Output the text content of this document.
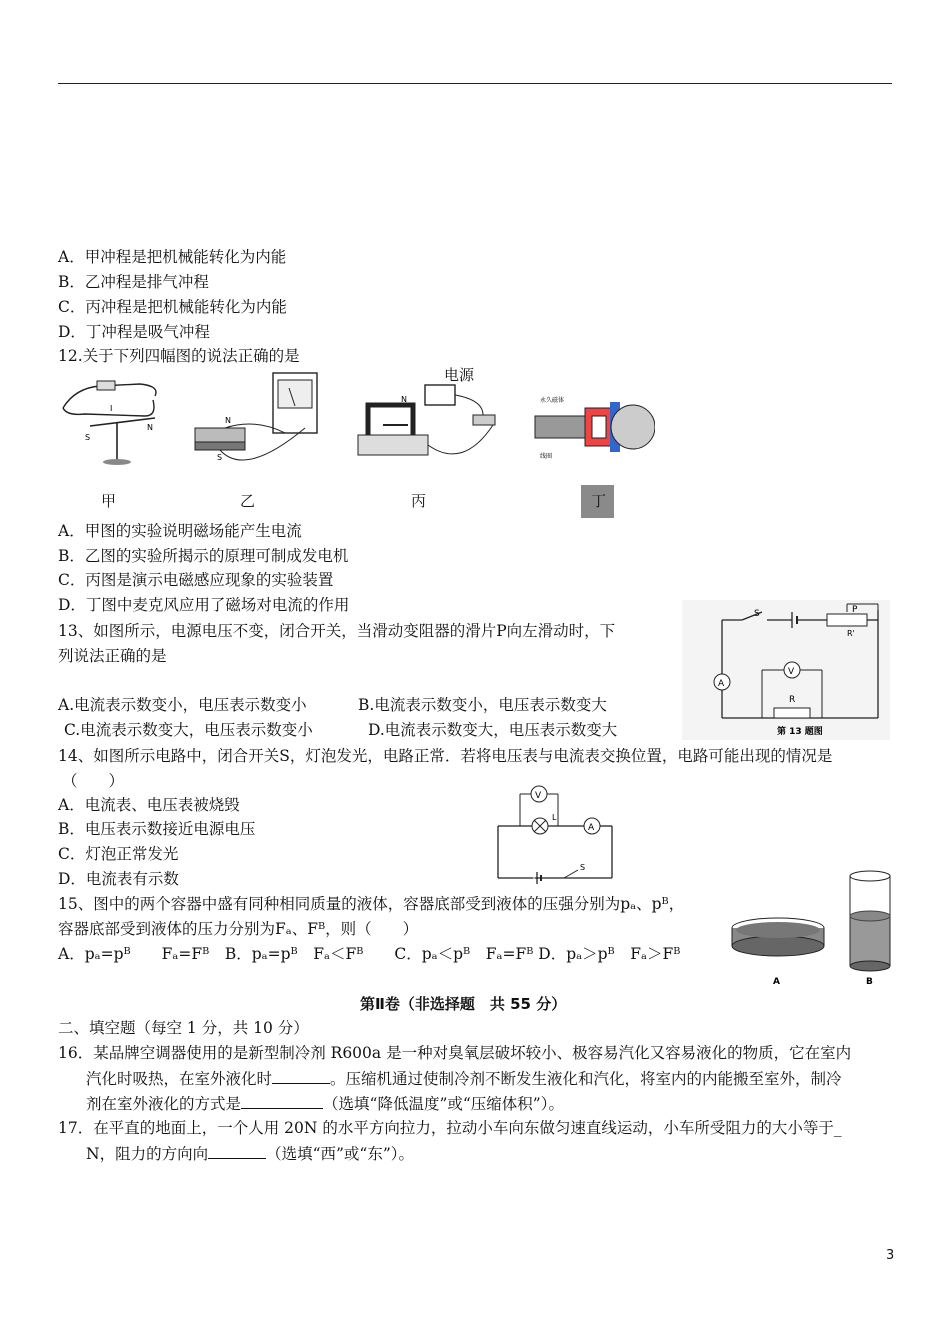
A．甲冲程是把机械能转化为内能
B．乙冲程是排气冲程
C．丙冲程是把机械能转化为内能
D．丁冲程是吸气冲程
12.关于下列四幅图的说法正确的是
S
N
I
N
S
电源
N	永久磁体
线圈
甲	乙	丙	丁
A．甲图的实验说明磁场能产生电流
B．乙图的实验所揭示的原理可制成发电机
C．丙图是演示电磁感应现象的实验装置
D．丁图中麦克风应用了磁场对电流的作用
13、如图所示，电源电压不变，闭合开关，当滑动变阻器的滑片P向左滑动时，下
列说法正确的是
A.电流表示数变小，电压表示数变小	B.电流表示数变小，电压表示数变大
C.电流表示数变大，电压表示数变小	D.电流表示数变大，电压表示数变大
A
V
S	P
R'
R
第 13 题图
14、如图所示电路中，闭合开关S，灯泡发光，电路正常．若将电压表与电流表交换位置，电路可能出现的情况是
（　　）
A．电流表、电压表被烧毁
B．电压表示数接近电源电压
C．灯泡正常发光
D．电流表有示数
A
V
L
S
15、图中的两个容器中盛有同种相同质量的液体，容器底部受到液体的压强分别为pₐ、pᴮ，
容器底部受到液体的压力分别为Fₐ、Fᴮ，则（　　）
A．pₐ=pᴮ　　Fₐ=Fᴮ　B．pₐ=pᴮ　Fₐ＜Fᴮ　　C．pₐ＜pᴮ　Fₐ=Fᴮ D．pₐ＞pᴮ　Fₐ＞Fᴮ
A	B
第Ⅱ卷（非选择题　共 55 分）
二、填空题（每空 1 分，共 10 分）
16．某品牌空调器使用的是新型制冷剂 R600a 是一种对臭氧层破坏较小、极容易汽化又容易液化的物质，它在室内
汽化时吸热，在室外液化时	。压缩机通过使制冷剂不断发生液化和汽化，将室内的内能搬至室外，制冷
剂在室外液化的方式是	（选填“降低温度”或“压缩体积”）。
17．在平直的地面上，一个人用 20N 的水平方向拉力，拉动小车向东做匀速直线运动，小车所受阻力的大小等于_
N，阻力的方向向	（选填“西”或“东”）。
3
